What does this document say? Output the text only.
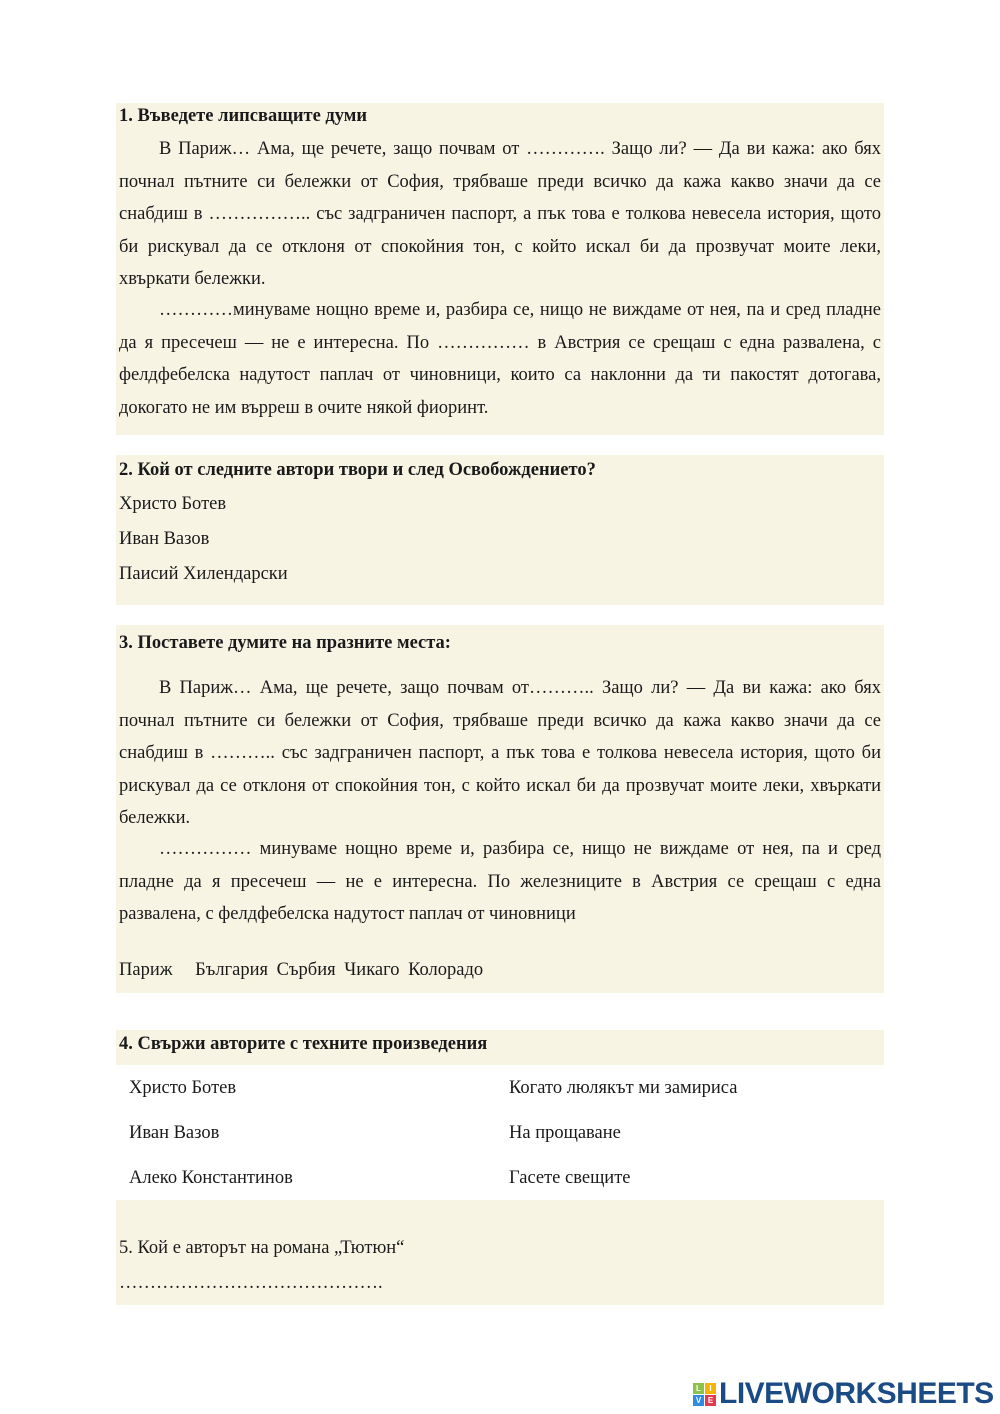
1. Въведете липсващите думи
В Париж… Ама, ще речете, защо почвам от …………. Защо ли? — Да ви кажа: ако бях почнал пътните си бележки от София, трябваше преди всичко да кажа какво значи да се снабдиш в …………….. със задграничен паспорт, а пък това е толкова невесела история, щото би рискувал да се отклоня от спокойния тон, с който искал би да прозвучат моите леки, хвъркати бележки.
…………минуваме нощно време и, разбира се, нищо не виждаме от нея, па и сред пладне да я пресечеш — не е интересна. По …………… в Австрия се срещаш с една развалена, с фелдфебелска надутост паплач от чиновници, които са наклонни да ти пакостят дотогава, докогато не им върреш в очите някой фиоринт.
2. Кой от следните автори твори и след Освобождението?
Христо Ботев
Иван Вазов
Паисий Хилендарски
3. Поставете думите на празните места:
В Париж… Ама, ще речете, защо почвам от……….. Защо ли? — Да ви кажа: ако бях почнал пътните си бележки от София, трябваше преди всичко да кажа какво значи да се снабдиш в ……….. със задграничен паспорт, а пък това е толкова невесела история, щото би рискувал да се отклоня от спокойния тон, с който искал би да прозвучат моите леки, хвъркати бележки.
…………… минуваме нощно време и, разбира се, нищо не виждаме от нея, па и сред пладне да я пресечеш — не е интересна. По железниците в Австрия се срещаш с една развалена, с фелдфебелска надутост паплач от чиновници
Париж България Сърбия Чикаго Колорадо
4. Свържи авторите с техните произведения
Христо Ботев
Иван Вазов
Алеко Константинов
Когато люлякът ми замириса
На прощаване
Гасете свещите
5. Кой е авторът на романа „Тютюн“
…………………………………….
L	I
V E LIVEWORKSHEETS
